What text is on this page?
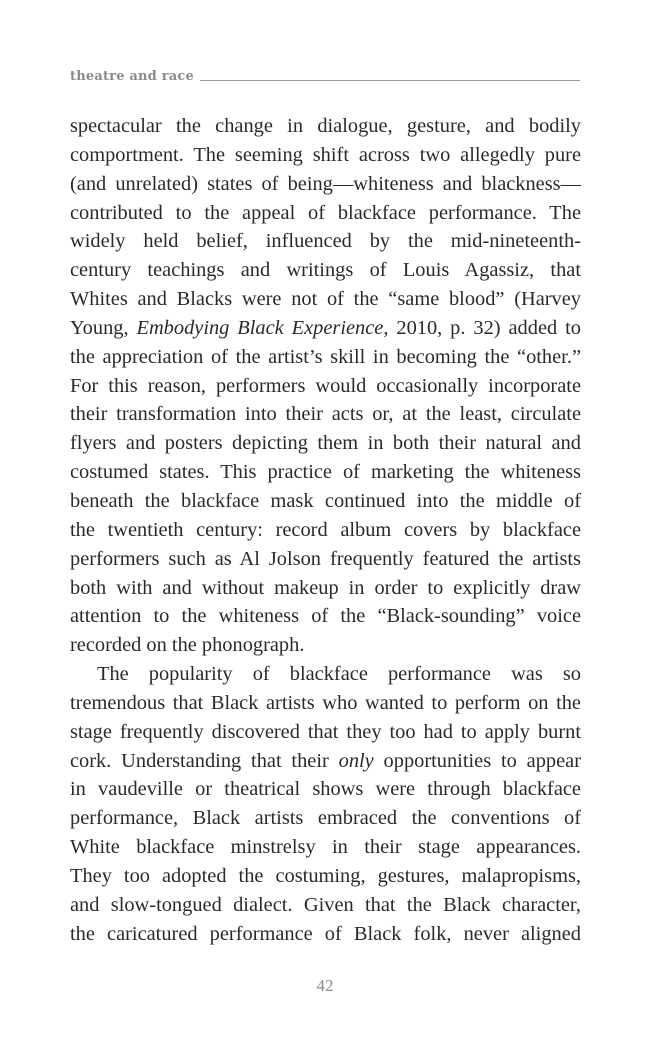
theatre and race
spectacular the change in dialogue, gesture, and bodily
comportment. The seeming shift across two allegedly pure
(and unrelated) states of being—whiteness and blackness—
contributed to the appeal of blackface performance. The
widely held belief, influenced by the mid-nineteenth-
century teachings and writings of Louis Agassiz, that
Whites and Blacks were not of the “same blood” (Harvey
Young, Embodying Black Experience, 2010, p. 32) added to
the appreciation of the artist’s skill in becoming the “other.”
For this reason, performers would occasionally incorporate
their transformation into their acts or, at the least, circulate
flyers and posters depicting them in both their natural and
costumed states. This practice of marketing the whiteness
beneath the blackface mask continued into the middle of
the twentieth century: record album covers by blackface
performers such as Al Jolson frequently featured the artists
both with and without makeup in order to explicitly draw
attention to the whiteness of the “Black-sounding” voice
recorded on the phonograph.
The popularity of blackface performance was so
tremendous that Black artists who wanted to perform on the
stage frequently discovered that they too had to apply burnt
cork. Understanding that their only opportunities to appear
in vaudeville or theatrical shows were through blackface
performance, Black artists embraced the conventions of
White blackface minstrelsy in their stage appearances.
They too adopted the costuming, gestures, malapropisms,
and slow-tongued dialect. Given that the Black character,
the caricatured performance of Black folk, never aligned
42
